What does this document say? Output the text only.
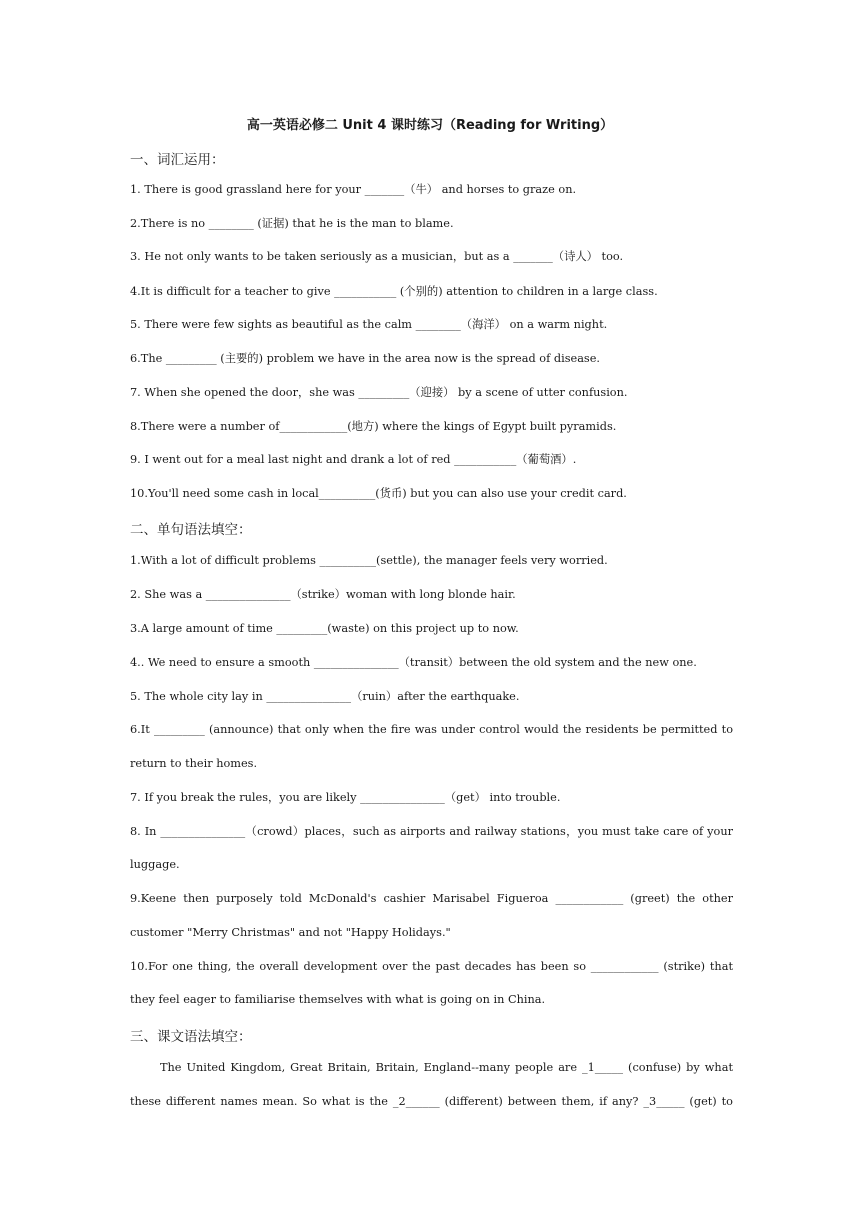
高一英语必修二 Unit 4 课时练习（Reading for Writing）
一、词汇运用：
1. There is good grassland here for your _______（牛） and horses to graze on.
2.There is no ________ (证据) that he is the man to blame.
3. He not only wants to be taken seriously as a musician，but as a _______（诗人） too.
4.It is difficult for a teacher to give ___________ (个别的) attention to children in a large class.
5. There were few sights as beautiful as the calm ________（海洋） on a warm night.
6.The _________ (主要的) problem we have in the area now is the spread of disease.
7. When she opened the door，she was _________（迎接） by a scene of utter confusion.
8.There were a number of____________(地方) where the kings of Egypt built pyramids.
9. I went out for a meal last night and drank a lot of red ___________（葡萄酒）.
10.You'll need some cash in local__________(货币) but you can also use your credit card.
二、单句语法填空：
1.With a lot of difficult problems __________(settle), the manager feels very worried.
2. She was a _______________（strike）woman with long blonde hair.
3.A large amount of time _________(waste) on this project up to now.
4.. We need to ensure a smooth _______________（transit）between the old system and the new one.
5. The whole city lay in _______________（ruin）after the earthquake.
6.It _________ (announce) that only when the fire was under control would the residents be permitted to
return to their homes.
7. If you break the rules，you are likely _______________（get） into trouble.
8. In _______________（crowd）places，such as airports and railway stations，you must take care of your
luggage.
9.Keene then purposely told McDonald's cashier Marisabel Figueroa ____________ (greet) the other
customer "Merry Christmas" and not "Happy Holidays."
10.For one thing, the overall development over the past decades has been so ____________ (strike) that
they feel eager to familiarise themselves with what is going on in China.
三、课文语法填空：
The United Kingdom, Great Britain, Britain, England--many people are _1_____ (confuse) by what
these different names mean. So what is the _2______ (different) between them, if any? _3_____ (get) to
